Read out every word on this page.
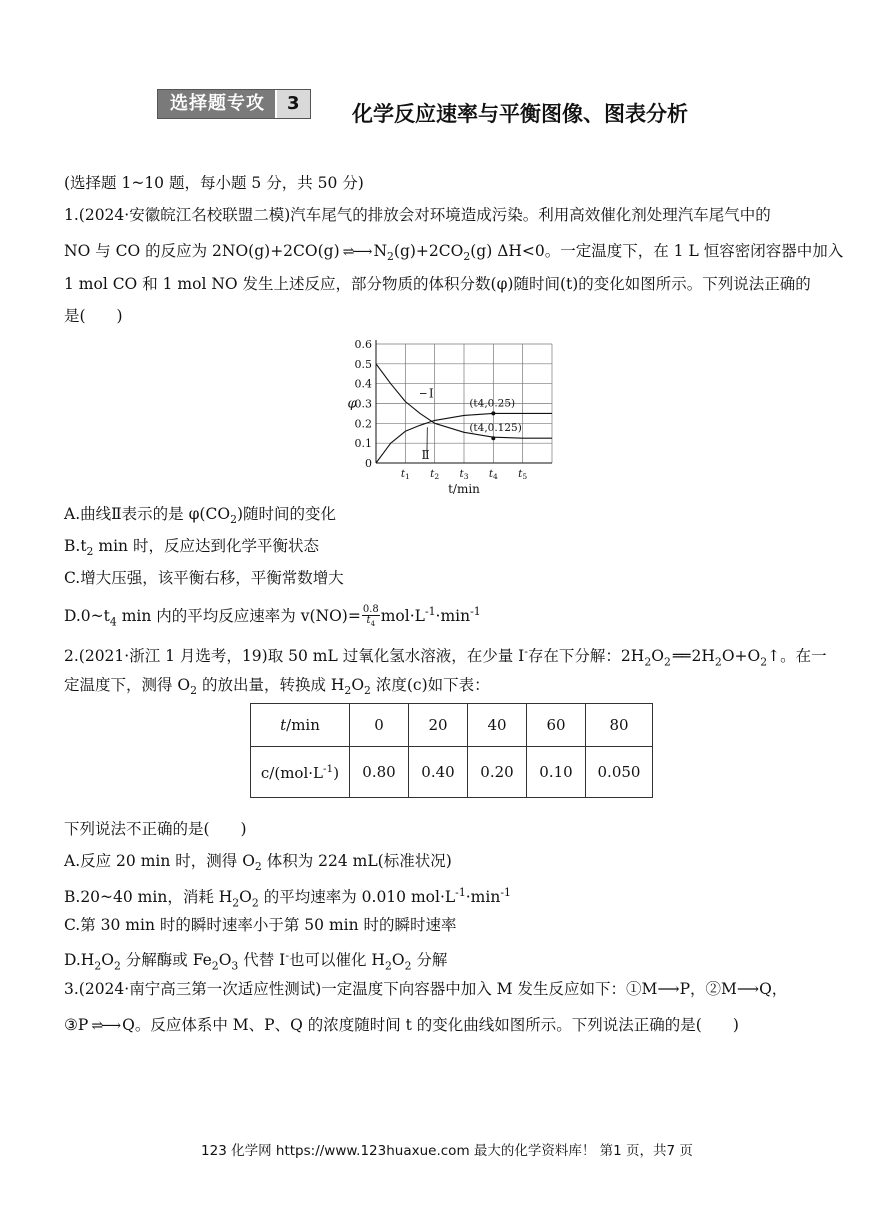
选择题专攻	3	化学反应速率与平衡图像、图表分析
(选择题 1~10 题，每小题 5 分，共 50 分)
1.(2024·安徽皖江名校联盟二模)汽车尾气的排放会对环境造成污染。利用高效催化剂处理汽车尾气中的
NO 与 CO 的反应为 2NO(g)+2CO(g) ⇌⟶ $N_2(g)+2CO_2(g)$ ΔH<0。一定温度下，在 1 L 恒容密闭容器中加入
1 mol CO 和 1 mol NO 发生上述反应，部分物质的体积分数(φ)随时间(t)的变化如图所示。下列说法正确的
是(　　)
0
0.1
0.2
0.3
0.4
0.5
0.6
t1 t2 t3 t4 t5
t/min
φ
Ⅰ
Ⅱ
(t4,0.25)
(t4,0.125)
A.曲线Ⅱ表示的是 $\varphi(CO_2)$随时间的变化
$B.t_2$ min 时，反应达到化学平衡状态
C.增大压强，该平衡右移，平衡常数增大
$D.0\sim t_4$ min 内的平均反应速率为 $v(NO)= \frac{0.8}{t_4} mol\cdot L^{-1}\cdot\min^{-1}$
2.(2021·浙江 1 月选考，19)取 50 mL 过氧化氢水溶液，在少量 I-存在下分解：$2H_2O_2$ ══ $2H_2O+O_2↑$。在一
定温度下，测得 $O_2$ 的放出量，转换成 $H_2O_2$ 浓度(c)如下表：
t/min	0	20	40	60	80
$c/(mol\cdot L^{-1})$	0.80	0.40	0.20	0.10	0.050
下列说法不正确的是(　　)
A.反应 20 min 时，测得 $O_2$ 体积为 224 mL(标准状况)
B.20~40 min，消耗 $H_2O_2$ 的平均速率为 0.010 $mol\cdot L^{-1}\cdot\min^{-1}$
C.第 30 min 时的瞬时速率小于第 50 min 时的瞬时速率
$D.H_2O_2$ 分解酶或 $Fe_2O_3$ 代替 I-也可以催化 $H_2O_2$ 分解
3.(2024·南宁高三第一次适应性测试)一定温度下向容器中加入 M 发生反应如下：①M⟶P，②M⟶Q，
③P ⇌⟶ Q。反应体系中 M、P、Q 的浓度随时间 t 的变化曲线如图所示。下列说法正确的是(　　)
123 化学网 https://www.123huaxue.com 最大的化学资料库！ 第1 页，共7 页
